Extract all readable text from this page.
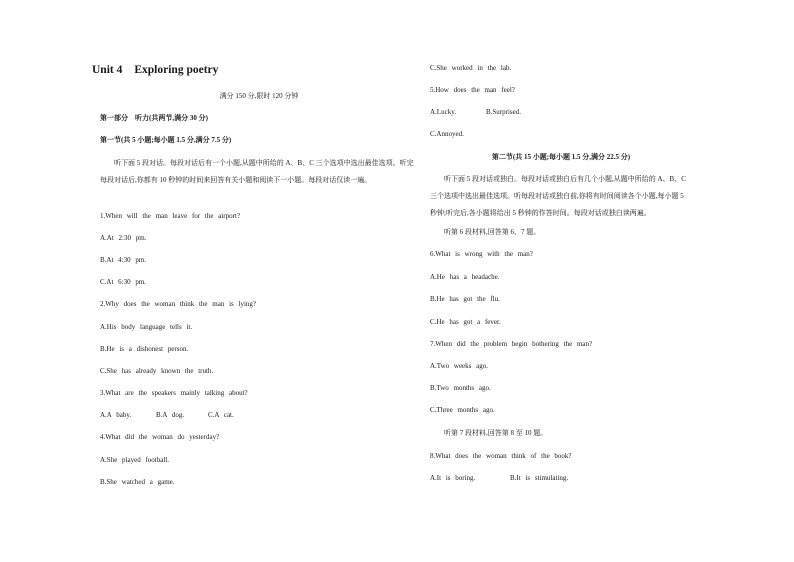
Unit 4 Exploring poetry
满分 150 分,限时 120 分钟
第一部分　听力(共两节,满分 30 分)
第一节(共 5 小题;每小题 1.5 分,满分 7.5 分)
听下面 5 段对话。每段对话后有一个小题,从题中所给的 A、B、C 三个选项中选出最佳选项。听完每段对话后,你都有 10 秒钟的时间来回答有关小题和阅读下一小题。每段对话仅读一遍。
1.When will the man leave for the airport?
A.At 2:30 pm.
B.At 4:30 pm.
C.At 6:30 pm.
2.Why does the woman think the man is lying?
A.His body language tells it.
B.He is a dishonest person.
C.She has already known the truth.
3.What are the speakers mainly talking about?
A.A baby.	B.A dog.	C.A cat.
4.What did the woman do yesterday?
A.She played football.
B.She watched a game.
C.She worked in the lab.
5.How does the man feel?
A.Lucky.	B.Surprised.
C.Annoyed.
第二节(共 15 小题;每小题 1.5 分,满分 22.5 分)
听下面 5 段对话或独白。每段对话或独白后有几个小题,从题中所给的 A、B、C 三个选项中选出最佳选项。听每段对话或独白前,你将有时间阅读各个小题,每小题 5 秒钟;听完后,各小题将给出 5 秒钟的作答时间。每段对话或独白读两遍。
听第 6 段材料,回答第 6、7 题。
6.What is wrong with the man?
A.He has a headache.
B.He has got the flu.
C.He has got a fever.
7.When did the problem begin bothering the man?
A.Two weeks ago.
B.Two months ago.
C.Three months ago.
听第 7 段材料,回答第 8 至 10 题。
8.What does the woman think of the book?
A.It is boring.	B.It is stimulating.
